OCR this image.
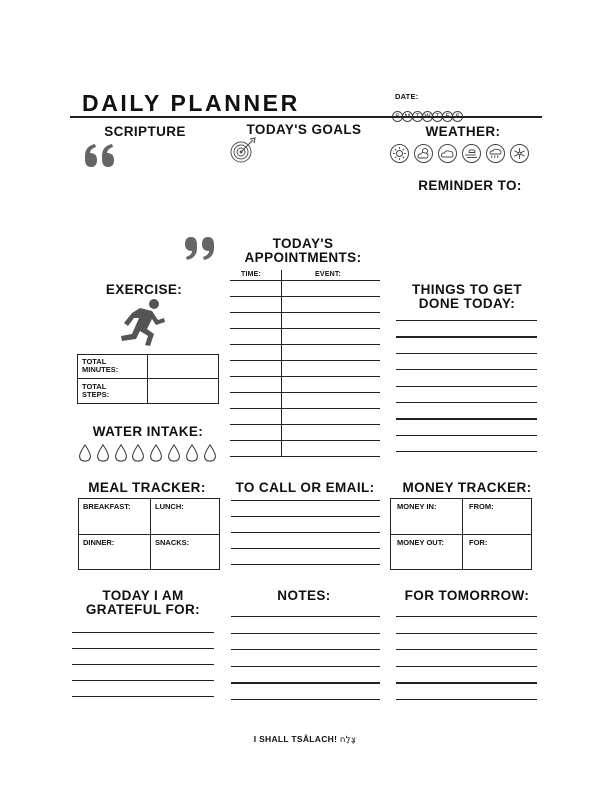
DAILY PLANNER	DATE:
SCRIPTURE	TODAY'S GOALS	WEATHER:
REMINDER TO:
TODAY'S
APPOINTMENTS:
TIME:	EVENT:
EXERCISE:
TOTAL
MINUTES:
TOTAL
STEPS:
THINGS TO GET
DONE TODAY:
WATER INTAKE:
MEAL TRACKER:
BREAKFAST:	LUNCH:
DINNER:	SNACKS:
TO CALL OR EMAIL:	MONEY TRACKER:
MONEY IN:	FROM:
MONEY OUT:	FOR:
TODAY I AM
GRATEFUL FOR:
NOTES:	FOR TOMORROW:
I SHALL TSÂLACH! צָלַח
